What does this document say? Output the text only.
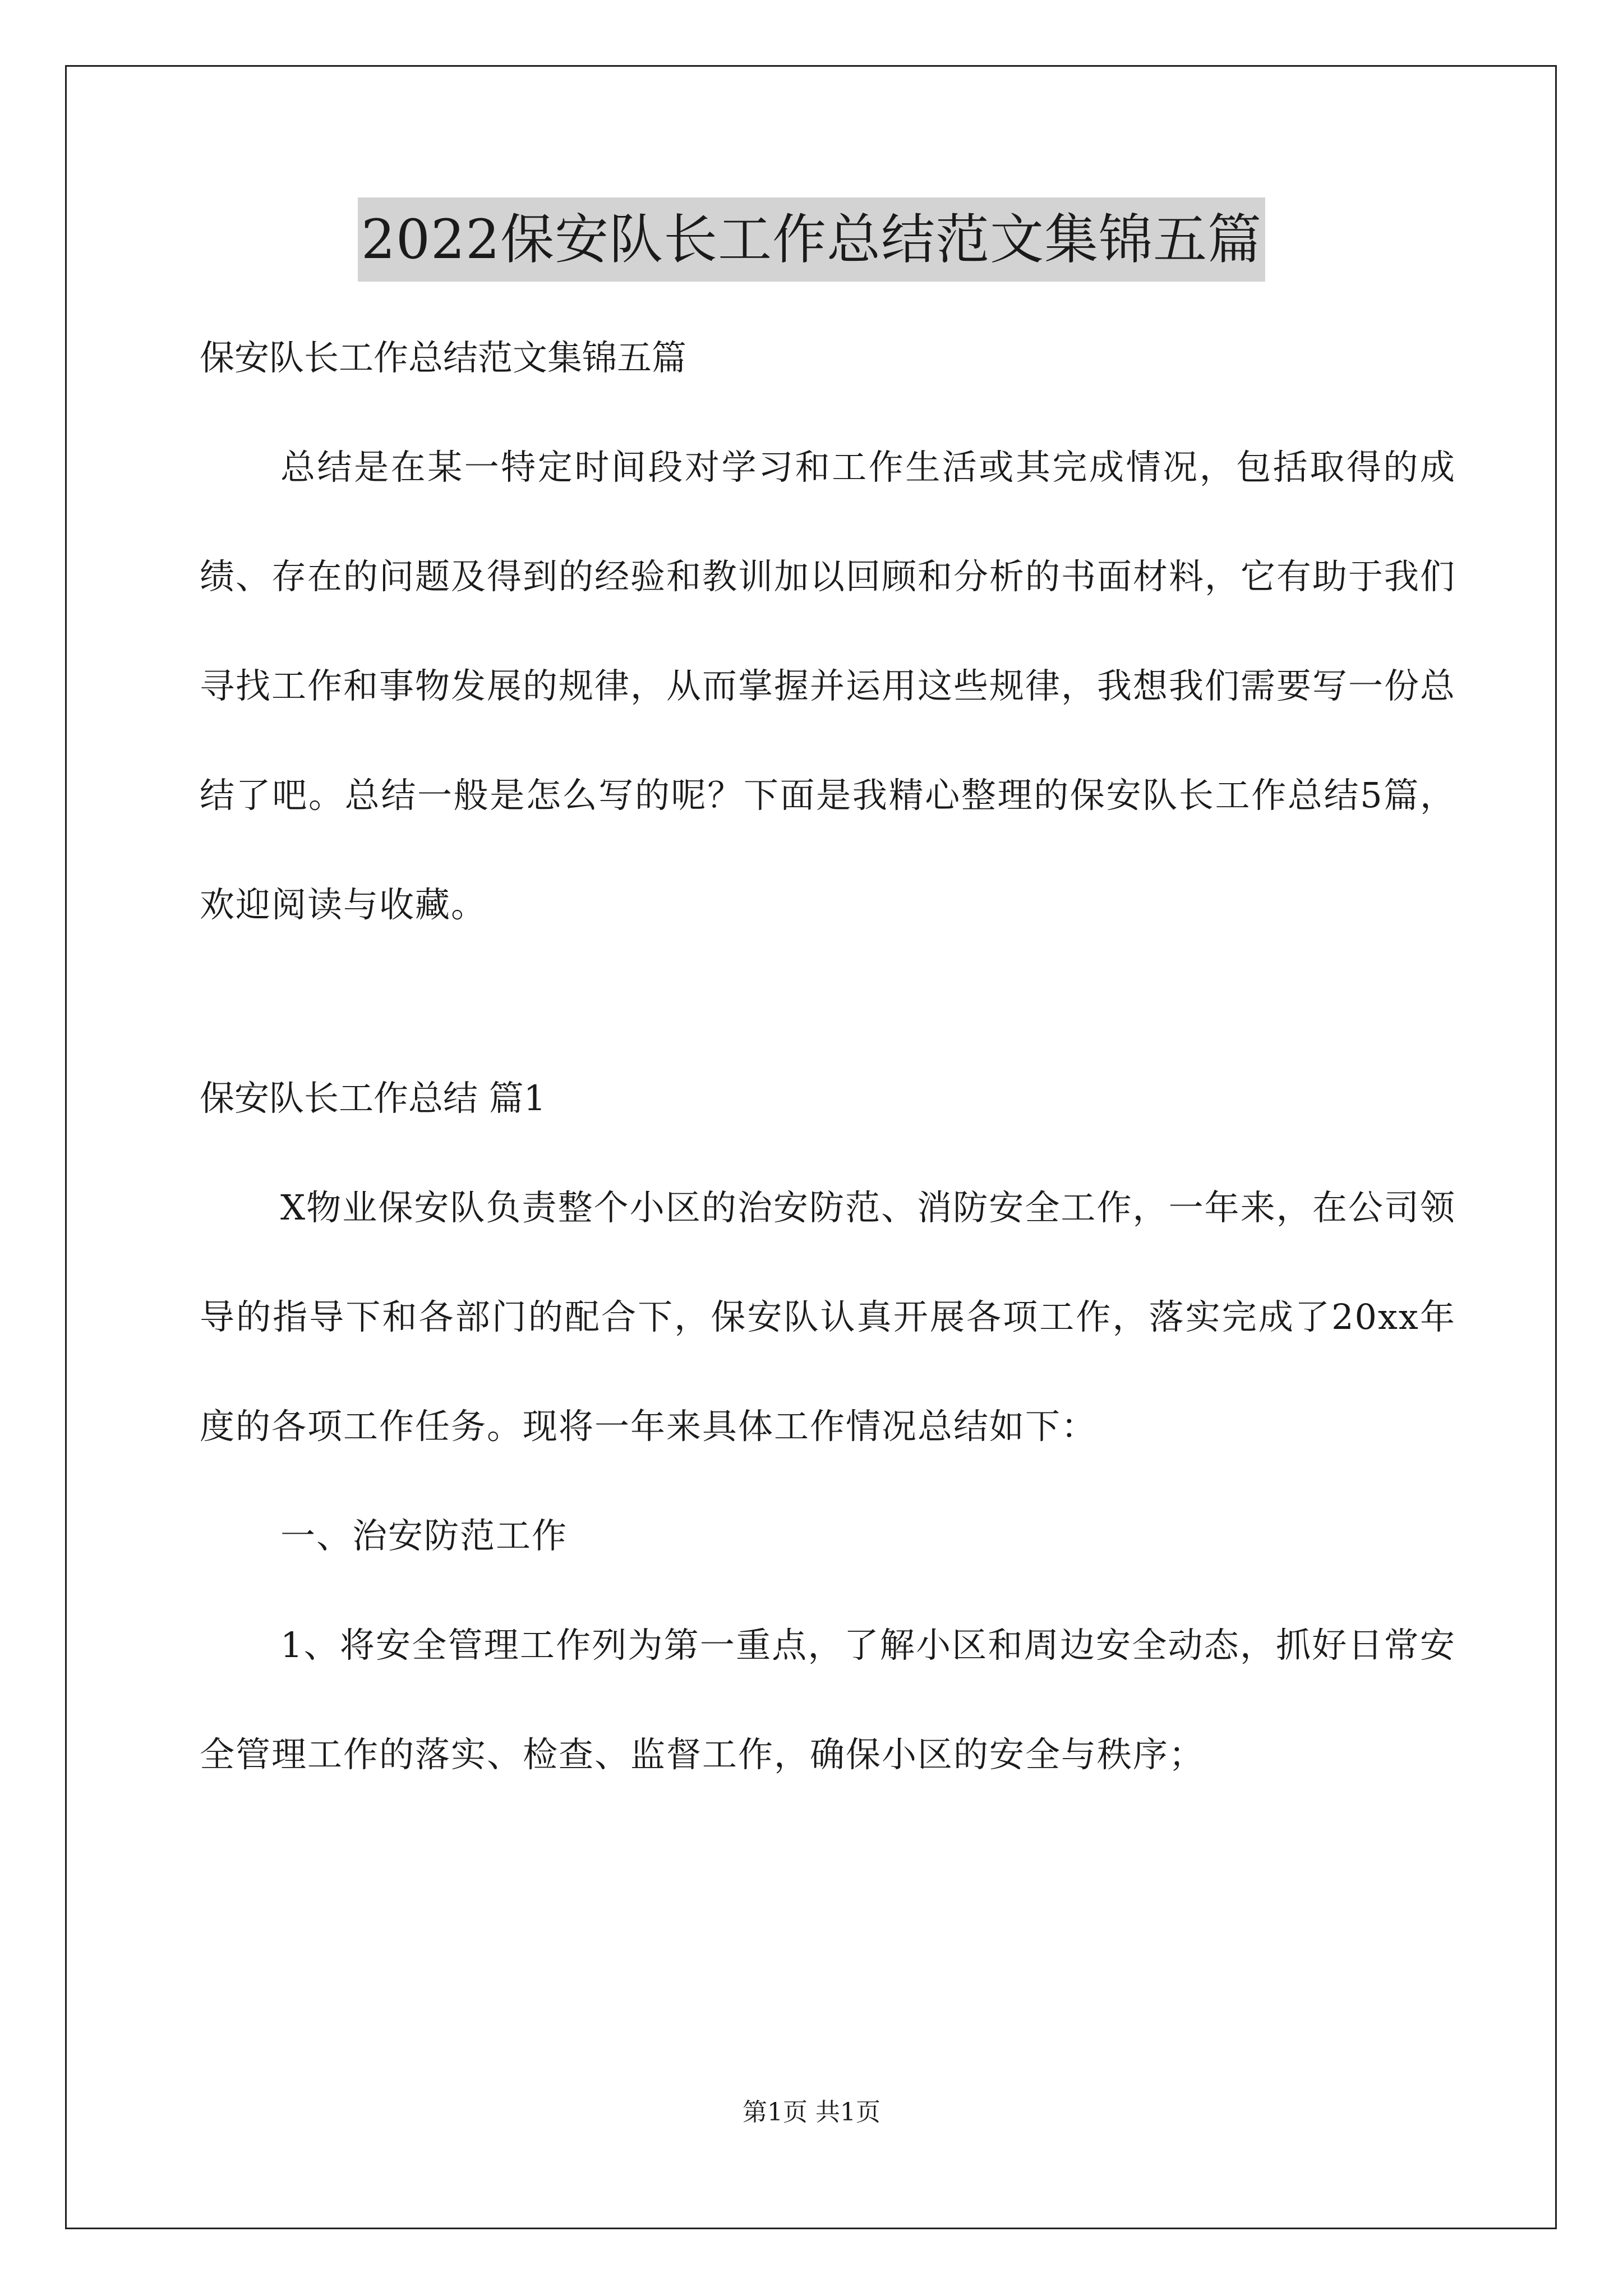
2022保安队长工作总结范文集锦五篇
保安队长工作总结范文集锦五篇

总结是在某一特定时间段对学习和工作生活或其完成情况，包括取得的成绩、存在的问题及得到的经验和教训加以回顾和分析的书面材料，它有助于我们寻找工作和事物发展的规律，从而掌握并运用这些规律，我想我们需要写一份总结了吧。总结一般是怎么写的呢？下面是我精心整理的保安队长工作总结5篇，欢迎阅读与收藏。

保安队长工作总结 篇1

X物业保安队负责整个小区的治安防范、消防安全工作，一年来，在公司领导的指导下和各部门的配合下，保安队认真开展各项工作，落实完成了20xx年度的各项工作任务。现将一年来具体工作情况总结如下：

一、治安防范工作

1、将安全管理工作列为第一重点，了解小区和周边安全动态，抓好日常安全管理工作的落实、检查、监督工作，确保小区的安全与秩序；

第1页 共1页
